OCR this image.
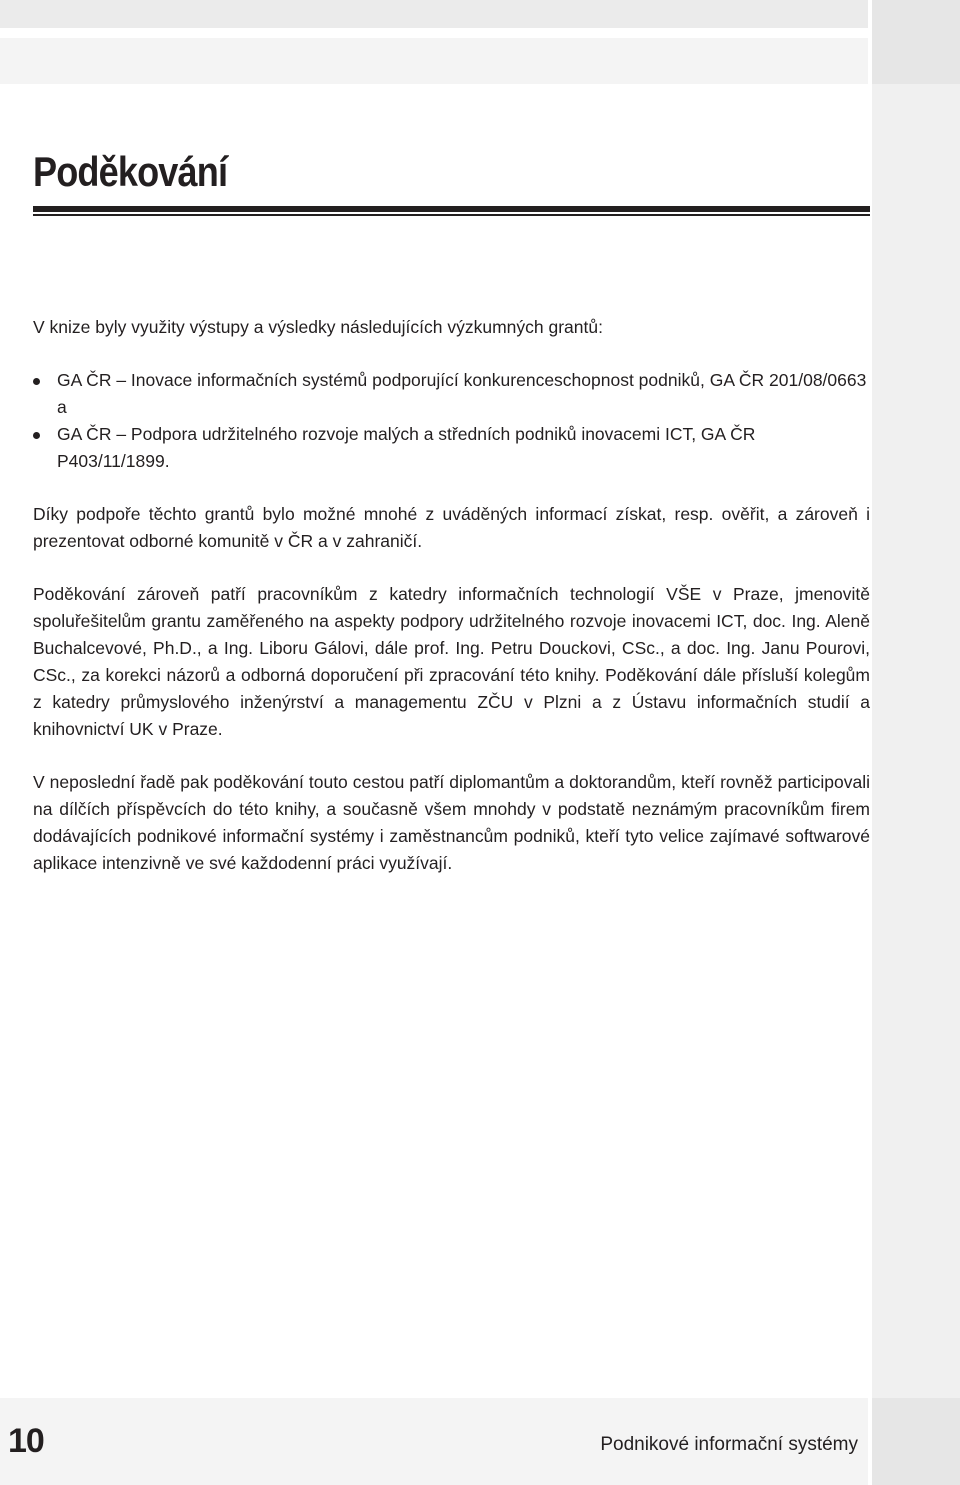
Poděkování

V knize byly využity výstupy a výsledky následujících výzkumných grantů:

GA ČR – Inovace informačních systémů podporující konkurenceschopnost podniků, GA ČR 201/08/0663 a
GA ČR – Podpora udržitelného rozvoje malých a středních podniků inovacemi ICT, GA ČR P403/11/1899.

Díky podpoře těchto grantů bylo možné mnohé z uváděných informací získat, resp. ověřit, a zároveň i prezentovat odborné komunitě v ČR a v zahraničí.

Poděkování zároveň patří pracovníkům z katedry informačních technologií VŠE v Praze, jmenovitě spoluřešitelům grantu zaměřeného na aspekty podpory udržitelného rozvoje inovacemi ICT, doc. Ing. Aleně Buchalcevové, Ph.D., a Ing. Liboru Gálovi, dále prof. Ing. Petru Douckovi, CSc., a doc. Ing. Janu Pourovi, CSc., za korekci názorů a odborná doporučení při zpracování této knihy. Poděkování dále přísluší kolegům z katedry průmyslového inženýrství a managementu ZČU v Plzni a z Ústavu informačních studií a knihovnictví UK v Praze.

V neposlední řadě pak poděkování touto cestou patří diplomantům a doktorandům, kteří rovněž participovali na dílčích příspěvcích do této knihy, a současně všem mnohdy v podstatě neznámým pracovníkům firem dodávajících podnikové informační systémy i zaměstnancům podniků, kteří tyto velice zajímavé softwarové aplikace intenzivně ve své každodenní práci využívají.

10	Podnikové informační systémy
